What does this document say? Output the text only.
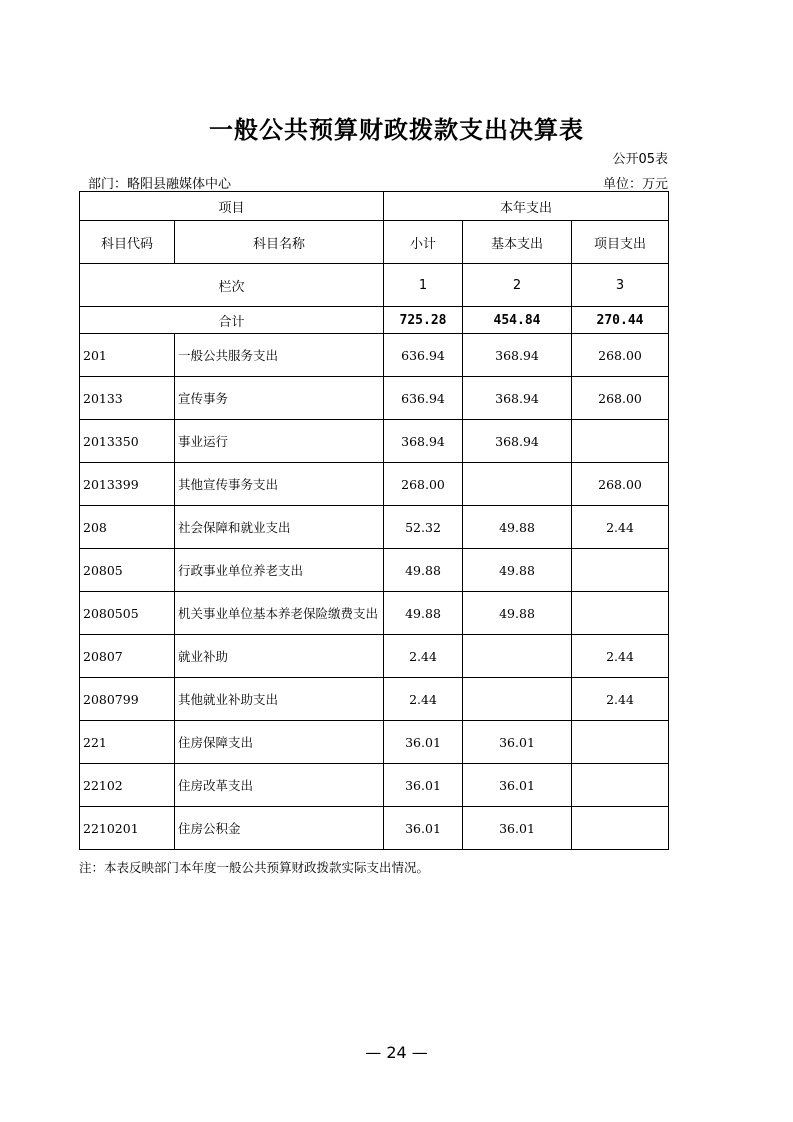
一般公共预算财政拨款支出决算表
公开05表
部门：略阳县融媒体中心	单位：万元
项目		本年支出		
科目代码	科目名称	小计	基本支出	项目支出
栏次		1	2	3
合计		725.28	454.84	270.44
201	一般公共服务支出	636.94	368.94	268.00
20133	宣传事务	636.94	368.94	268.00
2013350	事业运行	368.94	368.94	
2013399	其他宣传事务支出	268.00		268.00
208	社会保障和就业支出	52.32	49.88	2.44
20805	行政事业单位养老支出	49.88	49.88	
2080505	机关事业单位基本养老保险缴费支出	49.88	49.88	
20807	就业补助	2.44		2.44
2080799	其他就业补助支出	2.44		2.44
221	住房保障支出	36.01	36.01	
22102	住房改革支出	36.01	36.01	
2210201	住房公积金	36.01	36.01	
注：本表反映部门本年度一般公共预算财政拨款实际支出情况。
— 24 —
